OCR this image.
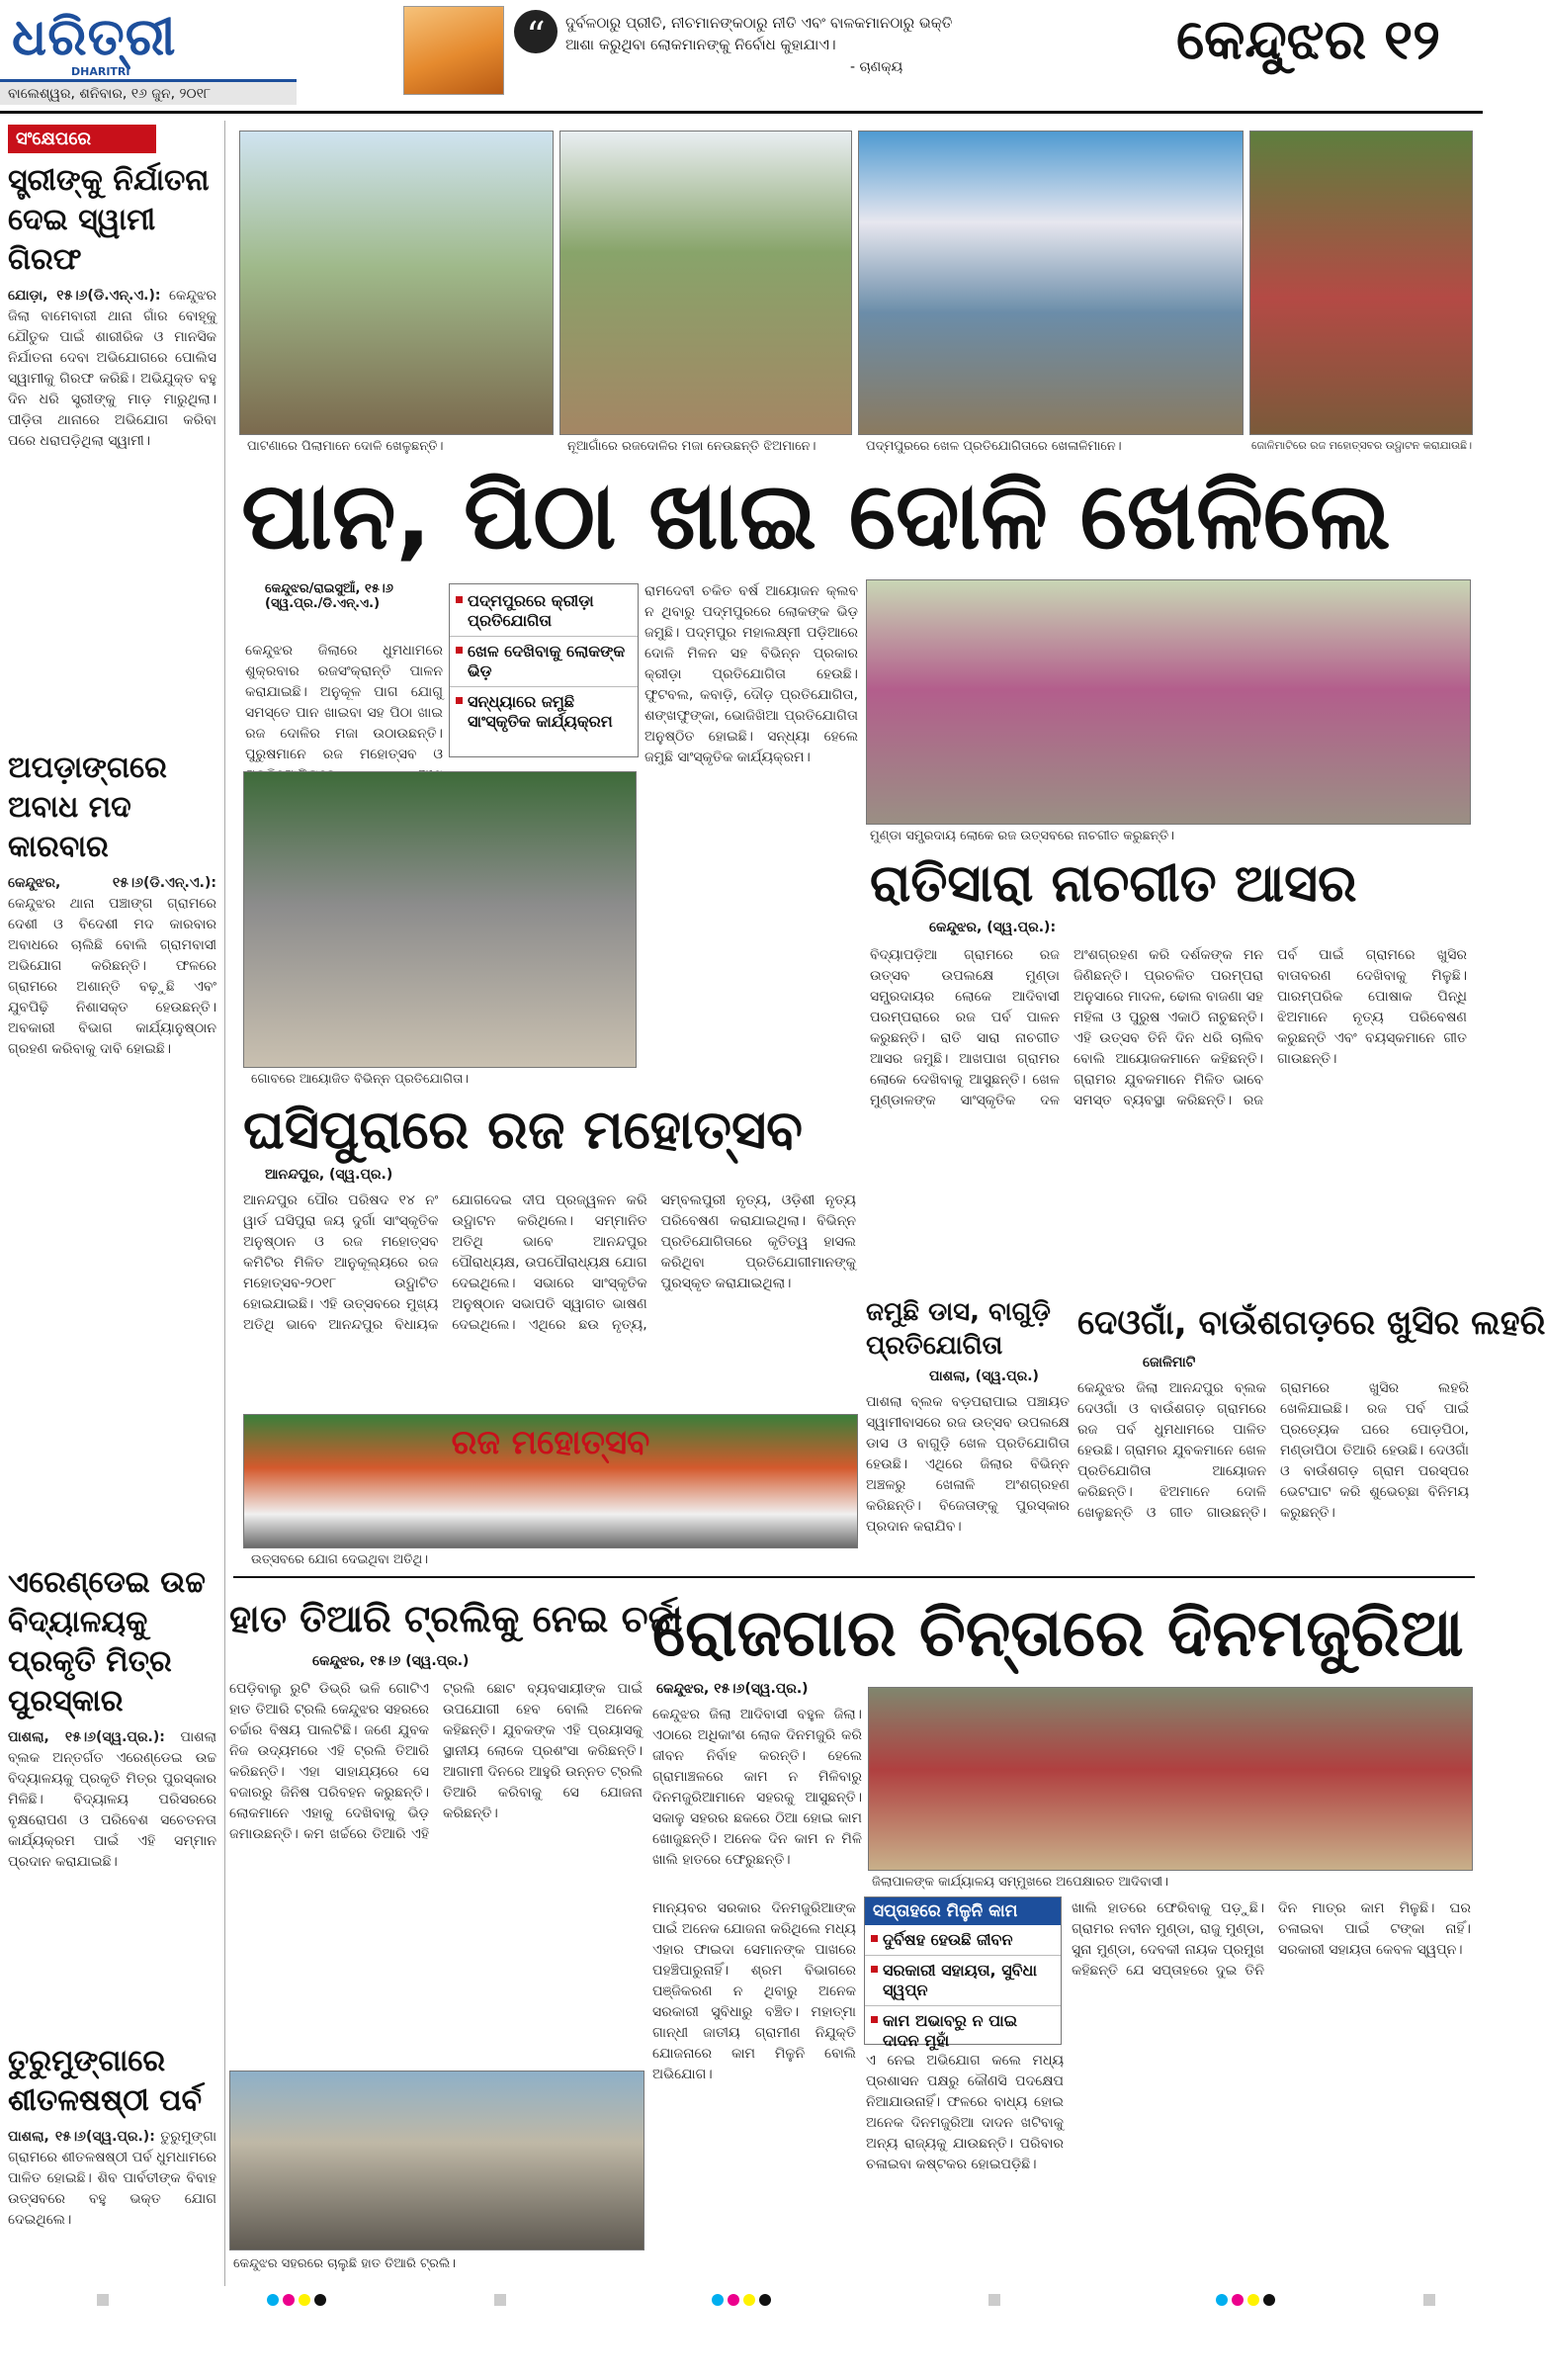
ଧରିତ୍ରୀ
DHARITRI
ବାଲେଶ୍ୱର, ଶନିବାର, ୧୬ ଜୁନ, ୨୦୧୮
“	ଦୁର୍ବଳଠାରୁ ପ୍ରୀତି, ନୀଚମାନଙ୍କଠାରୁ ନୀତି ଏବଂ ବାଳକମାନଠାରୁ ଭକ୍ତି ଆଶା କରୁଥିବା ଲୋକମାନଙ୍କୁ ନିର୍ବୋଧ କୁହାଯାଏ।
- ଚାଣକ୍ୟ	କେନ୍ଦୁଝର ୧୨
ସଂକ୍ଷେପରେ
ସ୍ତ୍ରୀଙ୍କୁ ନିର୍ଯାତନା ଦେଇ ସ୍ୱାମୀ ଗିରଫ
ଯୋଡ଼ା, ୧୫।୬(ଡି.ଏନ୍.ଏ.): କେନ୍ଦୁଝର ଜିଲା ବାମେବାରୀ ଥାନା ଗାଁର ବୋହୂକୁ ଯୌତୁକ ପାଇଁ ଶାରୀରିକ ଓ ମାନସିକ ନିର୍ଯାତନା ଦେବା ଅଭିଯୋଗରେ ପୋଲିସ ସ୍ୱାମୀକୁ ଗିରଫ କରିଛି। ଅଭିଯୁକ୍ତ ବହୁ ଦିନ ଧରି ସ୍ତ୍ରୀଙ୍କୁ ମାଡ଼ ମାରୁଥିଲା। ପୀଡ଼ିତା ଥାନାରେ ଅଭିଯୋଗ କରିବା ପରେ ଧରାପଡ଼ିଥିଲା ସ୍ୱାମୀ।
ଅପଡ଼ାଙ୍ଗରେ ଅବାଧ ମଦ କାରବାର
କେନ୍ଦୁଝର, ୧୫।୬(ଡି.ଏନ୍.ଏ.): କେନ୍ଦୁଝର ଥାନା ପଞ୍ଚାଙ୍ଗ ଗ୍ରାମରେ ଦେଶୀ ଓ ବିଦେଶୀ ମଦ କାରବାର ଅବାଧରେ ଚାଲିଛି ବୋଲି ଗ୍ରାମବାସୀ ଅଭିଯୋଗ କରିଛନ୍ତି। ଫଳରେ ଗ୍ରାମରେ ଅଶାନ୍ତି ବଢ଼ୁଛି ଏବଂ ଯୁବପିଢ଼ି ନିଶାସକ୍ତ ହେଉଛନ୍ତି। ଅବକାରୀ ବିଭାଗ କାର୍ଯ୍ୟାନୁଷ୍ଠାନ ଗ୍ରହଣ କରିବାକୁ ଦାବି ହୋଇଛି।
ଏରେଣ୍ଡେଇ ଉଚ୍ଚ ବିଦ୍ୟାଳୟକୁ ପ୍ରକୃତି ମିତ୍ର ପୁରସ୍କାର
ପାଶଲା, ୧୫।୬(ସ୍ୱ.ପ୍ର.): ପାଶଲା ବ୍ଲକ ଅନ୍ତର୍ଗତ ଏରେଣ୍ଡେଇ ଉଚ୍ଚ ବିଦ୍ୟାଳୟକୁ ପ୍ରକୃତି ମିତ୍ର ପୁରସ୍କାର ମିଳିଛି। ବିଦ୍ୟାଳୟ ପରିସରରେ ବୃକ୍ଷରୋପଣ ଓ ପରିବେଶ ସଚେତନତା କାର୍ଯ୍ୟକ୍ରମ ପାଇଁ ଏହି ସମ୍ମାନ ପ୍ରଦାନ କରାଯାଇଛି।
ତୁରୁମୁଙ୍ଗାରେ ଶୀତଳଷଷ୍ଠୀ ପର୍ବ
ପାଶଲା, ୧୫।୬(ସ୍ୱ.ପ୍ର.): ତୁରୁମୁଙ୍ଗା ଗ୍ରାମରେ ଶୀତଳଷଷ୍ଠୀ ପର୍ବ ଧୁମଧାମରେ ପାଳିତ ହୋଇଛି। ଶିବ ପାର୍ବତୀଙ୍କ ବିବାହ ଉତ୍ସବରେ ବହୁ ଭକ୍ତ ଯୋଗ ଦେଇଥିଲେ।
ପାଟଣାରେ ପିଲାମାନେ ଦୋଳି ଖେଳୁଛନ୍ତି।	ନୂଆଗାଁରେ ରଜଦୋଳିର ମଜା ନେଉଛନ୍ତି ଝିଅମାନେ।	ପଦ୍ମପୁରରେ ଖେଳ ପ୍ରତିଯୋଗିତାରେ ଖେଳାଳିମାନେ।	ଜୋଳିମାଟିରେ ରଜ ମହୋତ୍ସବର ଉଦ୍ଘାଟନ କରାଯାଉଛି।
ପାନ, ପିଠା ଖାଇ ଦୋଳି ଖେଳିଲେ
କେନ୍ଦୁଝର/ରାଇସୁଆଁ, ୧୫।୬ (ସ୍ୱ.ପ୍ର./ଡି.ଏନ୍.ଏ.)	ପଦ୍ମପୁରରେ କ୍ରୀଡ଼ା ପ୍ରତିଯୋଗିତା
ଖେଳ ଦେଖିବାକୁ ଲୋକଙ୍କ ଭିଡ଼
ସନ୍ଧ୍ୟାରେ ଜମୁଛି ସାଂସ୍କୃତିକ କାର୍ଯ୍ୟକ୍ରମ
କେନ୍ଦୁଝର ଜିଲାରେ ଧୁମଧାମରେ ଶୁକ୍ରବାର ରଜସଂକ୍ରାନ୍ତି ପାଳନ କରାଯାଇଛି। ଅନୁକୂଳ ପାଗ ଯୋଗୁ ସମସ୍ତେ ପାନ ଖାଇବା ସହ ପିଠା ଖାଇ ରଜ ଦୋଳିର ମଜା ଉଠାଉଛନ୍ତି। ପୁରୁଷମାନେ ରଜ ମହୋତ୍ସବ ଓ
ରାମଦେବୀ ଚକିତ ବର୍ଷ ଆୟୋଜନ କ୍ଲବ ନ ଥିବାରୁ ପଦ୍ମପୁରରେ ଲୋକଙ୍କ ଭିଡ଼ ଜମୁଛି। ପଦ୍ମପୁର ମହାଲକ୍ଷ୍ମୀ ପଡ଼ିଆରେ ଦୋଳି ମିଳନ ସହ ବିଭିନ୍ନ ପ୍ରକାର କ୍ରୀଡ଼ା ପ୍ରତିଯୋଗିତା ହେଉଛି। ଫୁଟବଲ, କବାଡ଼ି, ଦୌଡ଼ ପ୍ରତିଯୋଗିତା, ଶଙ୍ଖଫୁଙ୍କା, ଭୋଜିଖିଆ ପ୍ରତିଯୋଗିତା ଅନୁଷ୍ଠିତ ହୋଇଛି। ସନ୍ଧ୍ୟା ହେଲେ ଜମୁଛି ସାଂସ୍କୃତିକ କାର୍ଯ୍ୟକ୍ରମ।
ମୁଣ୍ଡା ସମ୍ପ୍ରଦାୟ ଲୋକେ ରଜ ଉତ୍ସବରେ ନାଚଗୀତ କରୁଛନ୍ତି।
ଗୋବରେ ଆୟୋଜିତ ବିଭିନ୍ନ ପ୍ରତିଯୋଗିତା।
ରାତିସାରା ନାଚଗୀତ ଆସର
କେନ୍ଦୁଝର, (ସ୍ୱ.ପ୍ର.):
ବିଦ୍ୟାପଡ଼ିଆ ଗ୍ରାମରେ ରଜ ଉତ୍ସବ ଉପଲକ୍ଷେ ମୁଣ୍ଡା ସମ୍ପ୍ରଦାୟର ଲୋକେ ଆଦିବାସୀ ପରମ୍ପରାରେ ରଜ ପର୍ବ ପାଳନ କରୁଛନ୍ତି। ରାତି ସାରା ନାଚଗୀତ ଆସର ଜମୁଛି। ଆଖପାଖ ଗ୍ରାମର ଲୋକେ ଦେଖିବାକୁ ଆସୁଛନ୍ତି। ଖେଳ ମୁଣ୍ଡାଳଙ୍କ ସାଂସ୍କୃତିକ ଦଳ ଅଂଶଗ୍ରହଣ କରି ଦର୍ଶକଙ୍କ ମନ ଜିଣିଛନ୍ତି। ପ୍ରଚଳିତ ପରମ୍ପରା ଅନୁସାରେ ମାଦଳ, ଢୋଲ ବାଜଣା ସହ ମହିଳା ଓ ପୁରୁଷ ଏକାଠି ନାଚୁଛନ୍ତି। ଏହି ଉତ୍ସବ ତିନି ଦିନ ଧରି ଚାଲିବ ବୋଲି ଆୟୋଜକମାନେ କହିଛନ୍ତି। ଗ୍ରାମର ଯୁବକମାନେ ମିଳିତ ଭାବେ ସମସ୍ତ ବ୍ୟବସ୍ଥା କରିଛନ୍ତି। ରଜ ପର୍ବ ପାଇଁ ଗ୍ରାମରେ ଖୁସିର ବାତାବରଣ ଦେଖିବାକୁ ମିଳୁଛି। ପାରମ୍ପରିକ ପୋଷାକ ପିନ୍ଧି ଝିଅମାନେ ନୃତ୍ୟ ପରିବେଷଣ କରୁଛନ୍ତି ଏବଂ ବୟସ୍କମାନେ ଗୀତ ଗାଉଛନ୍ତି।
ଘସିପୁରାରେ ରଜ ମହୋତ୍ସବ
ଆନନ୍ଦପୁର, (ସ୍ୱ.ପ୍ର.)
ଆନନ୍ଦପୁର ପୌର ପରିଷଦ ୧୪ ନଂ ୱାର୍ଡ ଘସିପୁରା ଜୟ ଦୁର୍ଗା ସାଂସ୍କୃତିକ ଅନୁଷ୍ଠାନ ଓ ରଜ ମହୋତ୍ସବ କମିଟିର ମିଳିତ ଆନୁକୂଲ୍ୟରେ ରଜ ମହୋତ୍ସବ-୨୦୧୮ ଉଦ୍ଘାଟିତ ହୋଇଯାଇଛି। ଏହି ଉତ୍ସବରେ ମୁଖ୍ୟ ଅତିଥି ଭାବେ ଆନନ୍ଦପୁର ବିଧାୟକ ଯୋଗଦେଇ ଦୀପ ପ୍ରଜ୍ୱଳନ କରି ଉଦ୍ଘାଟନ କରିଥିଲେ। ସମ୍ମାନିତ ଅତିଥି ଭାବେ ଆନନ୍ଦପୁର ପୌରାଧ୍ୟକ୍ଷ, ଉପପୌରାଧ୍ୟକ୍ଷ ଯୋଗ ଦେଇଥିଲେ। ସଭାରେ ସାଂସ୍କୃତିକ ଅନୁଷ୍ଠାନ ସଭାପତି ସ୍ୱାଗତ ଭାଷଣ ଦେଇଥିଲେ। ଏଥିରେ ଛଉ ନୃତ୍ୟ, ସମ୍ବଲପୁରୀ ନୃତ୍ୟ, ଓଡ଼ିଶୀ ନୃତ୍ୟ ପରିବେଷଣ କରାଯାଇଥିଲା। ବିଭିନ୍ନ ପ୍ରତିଯୋଗିତାରେ କୃତିତ୍ୱ ହାସଲ କରିଥିବା ପ୍ରତିଯୋଗୀମାନଙ୍କୁ ପୁରସ୍କୃତ କରାଯାଇଥିଲା।
ରଜ ମହୋତ୍ସବ
ଉତ୍ସବରେ ଯୋଗ ଦେଇଥିବା ଅତିଥି।
ଜମୁଛି ଡାସ, ବାଗୁଡ଼ି ପ୍ରତିଯୋଗିତା
ପାଶଲା, (ସ୍ୱ.ପ୍ର.)
ପାଶଲା ବ୍ଲକ ବଡ଼ପରାପାଇ ପଞ୍ଚାୟତ ସ୍ୱାମୀବାସରେ ରଜ ଉତ୍ସବ ଉପଲକ୍ଷେ ଡାସ ଓ ବାଗୁଡ଼ି ଖେଳ ପ୍ରତିଯୋଗିତା ହେଉଛି। ଏଥିରେ ଜିଲାର ବିଭିନ୍ନ ଅଞ୍ଚଳରୁ ଖେଳାଳି ଅଂଶଗ୍ରହଣ କରିଛନ୍ତି। ବିଜେତାଙ୍କୁ ପୁରସ୍କାର ପ୍ରଦାନ କରାଯିବ।
ଦେଓଗାଁ, ବାଉଁଶଗଡ଼ରେ ଖୁସିର ଲହରି
ଜୋଳିମାଟି
କେନ୍ଦୁଝର ଜିଲା ଆନନ୍ଦପୁର ବ୍ଲକ ଦେଓଗାଁ ଓ ବାଉଁଶଗଡ଼ ଗ୍ରାମରେ ରଜ ପର୍ବ ଧୁମଧାମରେ ପାଳିତ ହେଉଛି। ଗ୍ରାମର ଯୁବକମାନେ ଖେଳ ପ୍ରତିଯୋଗିତା ଆୟୋଜନ କରିଛନ୍ତି। ଝିଅମାନେ ଦୋଳି ଖେଳୁଛନ୍ତି ଓ ଗୀତ ଗାଉଛନ୍ତି। ଗ୍ରାମରେ ଖୁସିର ଲହରି ଖେଳିଯାଇଛି। ରଜ ପର୍ବ ପାଇଁ ପ୍ରତ୍ୟେକ ଘରେ ପୋଡ଼ପିଠା, ମଣ୍ଡାପିଠା ତିଆରି ହେଉଛି। ଦେଓଗାଁ ଓ ବାଉଁଶଗଡ଼ ଗ୍ରାମ ପରସ୍ପର ଭେଟଘାଟ କରି ଶୁଭେଚ୍ଛା ବିନିମୟ କରୁଛନ୍ତି।
ହାତ ତିଆରି ଟ୍ରଲିକୁ ନେଇ ଚର୍ଚ୍ଚା
କେନ୍ଦୁଝର, ୧୫।୬ (ସ୍ୱ.ପ୍ର.)
ପେଡ଼ିବାଲୁ ରୁଟି ଡିଭ୍ରି ଭଳି ଗୋଟିଏ ହାତ ତିଆରି ଟ୍ରଲି କେନ୍ଦୁଝର ସହରରେ ଚର୍ଚ୍ଚାର ବିଷୟ ପାଲଟିଛି। ଜଣେ ଯୁବକ ନିଜ ଉଦ୍ୟମରେ ଏହି ଟ୍ରଲି ତିଆରି କରିଛନ୍ତି। ଏହା ସାହାଯ୍ୟରେ ସେ ବଜାରରୁ ଜିନିଷ ପରିବହନ କରୁଛନ୍ତି। ଲୋକମାନେ ଏହାକୁ ଦେଖିବାକୁ ଭିଡ଼ ଜମାଉଛନ୍ତି। କମ ଖର୍ଚ୍ଚରେ ତିଆରି ଏହି ଟ୍ରଲି ଛୋଟ ବ୍ୟବସାୟୀଙ୍କ ପାଇଁ ଉପଯୋଗୀ ହେବ ବୋଲି ଅନେକ କହିଛନ୍ତି। ଯୁବକଙ୍କ ଏହି ପ୍ରୟାସକୁ ସ୍ଥାନୀୟ ଲୋକେ ପ୍ରଶଂସା କରିଛନ୍ତି। ଆଗାମୀ ଦିନରେ ଆହୁରି ଉନ୍ନତ ଟ୍ରଲି ତିଆରି କରିବାକୁ ସେ ଯୋଜନା କରିଛନ୍ତି।
କେନ୍ଦୁଝର ସହରରେ ଚାଲୁଛି ହାତ ତିଆରି ଟ୍ରଲି।
ରୋଜଗାର ଚିନ୍ତାରେ ଦିନମଜୁରିଆ
କେନ୍ଦୁଝର, ୧୫।୬(ସ୍ୱ.ପ୍ର.)
କେନ୍ଦୁଝର ଜିଲା ଆଦିବାସୀ ବହୁଳ ଜିଲା। ଏଠାରେ ଅଧିକାଂଶ ଲୋକ ଦିନମଜୁରି କରି ଜୀବନ ନିର୍ବାହ କରନ୍ତି। ହେଲେ ଗ୍ରାମାଞ୍ଚଳରେ କାମ ନ ମିଳିବାରୁ ଦିନମଜୁରିଆମାନେ ସହରକୁ ଆସୁଛନ୍ତି। ସକାଳୁ ସହରର ଛକରେ ଠିଆ ହୋଇ କାମ ଖୋଜୁଛନ୍ତି। ଅନେକ ଦିନ କାମ ନ ମିଳି ଖାଲି ହାତରେ ଫେରୁଛନ୍ତି।
ଜିଲାପାଳଙ୍କ କାର୍ଯ୍ୟାଳୟ ସମ୍ମୁଖରେ ଅପେକ୍ଷାରତ ଆଦିବାସୀ।
ସପ୍ତାହରେ ମିଳୁନି କାମ
ଦୁର୍ବିଷହ ହେଉଛି ଜୀବନ
ସରକାରୀ ସହାୟତା, ସୁବିଧା ସ୍ୱପ୍ନ
କାମ ଅଭାବରୁ ନ ପାଇ ଦାଦନ ମୁହାଁ
ମାନ୍ୟବର ସରକାର ଦିନମଜୁରିଆଙ୍କ ପାଇଁ ଅନେକ ଯୋଜନା କରିଥିଲେ ମଧ୍ୟ ଏହାର ଫାଇଦା ସେମାନଙ୍କ ପାଖରେ ପହଞ୍ଚିପାରୁନାହିଁ। ଶ୍ରମ ବିଭାଗରେ ପଞ୍ଜିକରଣ ନ ଥିବାରୁ ଅନେକ ସରକାରୀ ସୁବିଧାରୁ ବଞ୍ଚିତ। ମହାତ୍ମା ଗାନ୍ଧୀ ଜାତୀୟ ଗ୍ରାମୀଣ ନିଯୁକ୍ତି ଯୋଜନାରେ କାମ ମିଳୁନି ବୋଲି ଅଭିଯୋଗ।
ଏ ନେଇ ଅଭିଯୋଗ କଲେ ମଧ୍ୟ ପ୍ରଶାସନ ପକ୍ଷରୁ କୌଣସି ପଦକ୍ଷେପ ନିଆଯାଉନାହିଁ। ଫଳରେ ବାଧ୍ୟ ହୋଇ ଅନେକ ଦିନମଜୁରିଆ ଦାଦନ ଖଟିବାକୁ ଅନ୍ୟ ରାଜ୍ୟକୁ ଯାଉଛନ୍ତି। ପରିବାର ଚଳାଇବା କଷ୍ଟକର ହୋଇପଡ଼ିଛି।
ଖାଲି ହାତରେ ଫେରିବାକୁ ପଡ଼ୁଛି। ଗ୍ରାମର ନବୀନ ମୁଣ୍ଡା, ରାଜୁ ମୁଣ୍ଡା, ସୁନା ମୁଣ୍ଡା, ଦେବକୀ ନାୟକ ପ୍ରମୁଖ କହିଛନ୍ତି ଯେ ସପ୍ତାହରେ ଦୁଇ ତିନି ଦିନ ମାତ୍ର କାମ ମିଳୁଛି। ଘର ଚଳାଇବା ପାଇଁ ଟଙ୍କା ନାହିଁ। ସରକାରୀ ସହାୟତା କେବଳ ସ୍ୱପ୍ନ।
